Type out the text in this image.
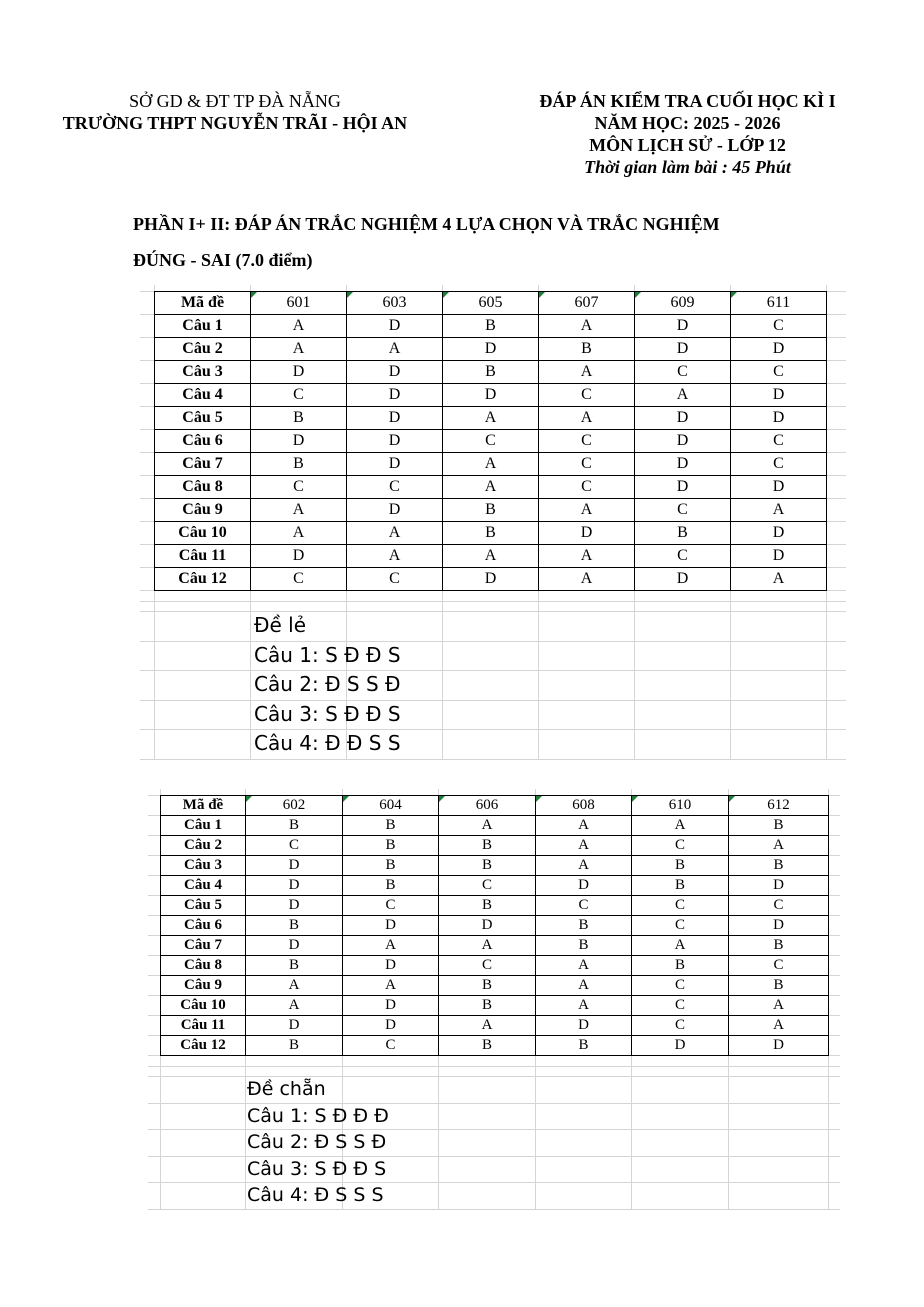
SỞ GD & ĐT TP ĐÀ NẴNG
TRƯỜNG THPT NGUYỄN TRÃI - HỘI AN
ĐÁP ÁN KIỂM TRA CUỐI HỌC KÌ I
NĂM HỌC: 2025 - 2026
MÔN LỊCH SỬ - LỚP 12
Thời gian làm bài : 45 Phút
PHẦN I+ II: ĐÁP ÁN TRẮC NGHIỆM 4 LỰA CHỌN VÀ TRẮC NGHIỆM
ĐÚNG - SAI (7.0 điểm)
Mã đề	601	603	605	607	609	611
Câu 1	A	D	B	A	D	C
Câu 2	A	A	D	B	D	D
Câu 3	D	D	B	A	C	C
Câu 4	C	D	D	C	A	D
Câu 5	B	D	A	A	D	D
Câu 6	D	D	C	C	D	C
Câu 7	B	D	A	C	D	C
Câu 8	C	C	A	C	D	D
Câu 9	A	D	B	A	C	A
Câu 10	A	A	B	D	B	D
Câu 11	D	A	A	A	C	D
Câu 12	C	C	D	A	D	A
Đề lẻ
Câu 1: S Đ Đ S
Câu 2: Đ S S Đ
Câu 3: S Đ Đ S
Câu 4: Đ Đ S S
Mã đề	602	604	606	608	610	612
Câu 1	B	B	A	A	A	B
Câu 2	C	B	B	A	C	A
Câu 3	D	B	B	A	B	B
Câu 4	D	B	C	D	B	D
Câu 5	D	C	B	C	C	C
Câu 6	B	D	D	B	C	D
Câu 7	D	A	A	B	A	B
Câu 8	B	D	C	A	B	C
Câu 9	A	A	B	A	C	B
Câu 10	A	D	B	A	C	A
Câu 11	D	D	A	D	C	A
Câu 12	B	C	B	B	D	D
Đề chẵn
Câu 1: S Đ Đ Đ
Câu 2: Đ S S Đ
Câu 3: S Đ Đ S
Câu 4: Đ S S S
